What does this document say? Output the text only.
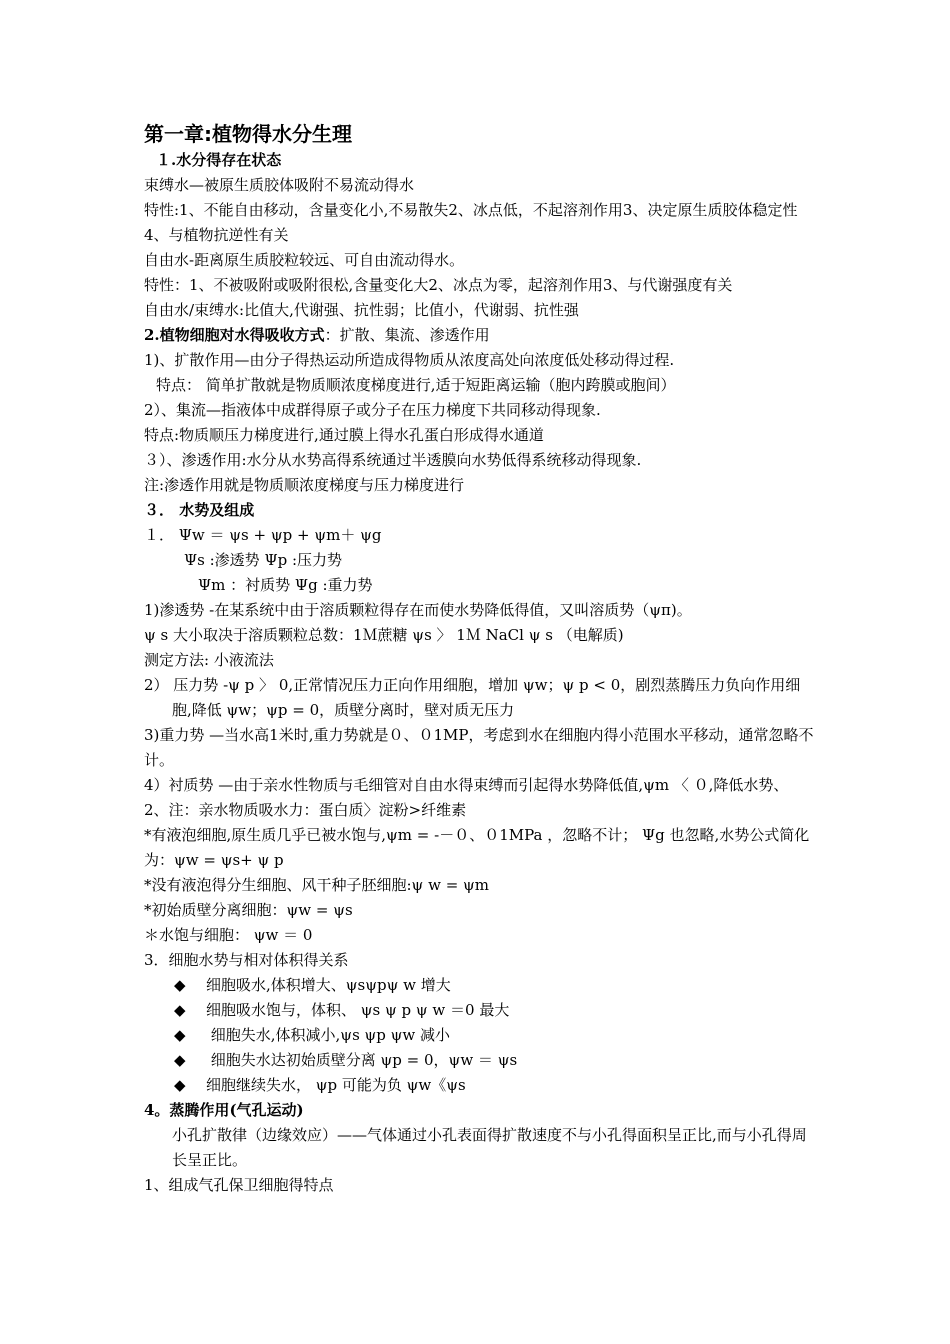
第一章:植物得水分生理

１.水分得存在状态

束缚水—被原生质胶体吸附不易流动得水

特性:1、不能自由移动，含量变化小,不易散失2、冰点低，不起溶剂作用3、决定原生质胶体稳定性4、与植物抗逆性有关

自由水-距离原生质胶粒较远、可自由流动得水。

特性：1、不被吸附或吸附很松,含量变化大2、冰点为零，起溶剂作用3、与代谢强度有关

自由水/束缚水:比值大,代谢强、抗性弱；比值小，代谢弱、抗性强

2.植物细胞对水得吸收方式：扩散、集流、渗透作用

1)、扩散作用—由分子得热运动所造成得物质从浓度高处向浓度低处移动得过程.

特点： 简单扩散就是物质顺浓度梯度进行,适于短距离运输（胞内跨膜或胞间）

2）、集流—指液体中成群得原子或分子在压力梯度下共同移动得现象.

特点:物质顺压力梯度进行,通过膜上得水孔蛋白形成得水通道

３）、渗透作用:水分从水势高得系统通过半透膜向水势低得系统移动得现象.

注:渗透作用就是物质顺浓度梯度与压力梯度进行

３． 水势及组成

１． Ψw ＝ ψs + ψp + ψm＋ ψg

Ψs :渗透势 Ψp :压力势

Ψm ：衬质势 Ψg :重力势

1)渗透势 -在某系统中由于溶质颗粒得存在而使水势降低得值，又叫溶质势（ψπ)。

ψ s 大小取决于溶质颗粒总数：1Ｍ蔗糖 ψs 〉 1Ｍ NaCl ψ s （电解质)

测定方法: 小液流法

2） 压力势 -ψ p 〉 0,正常情况压力正向作用细胞，增加 ψw；ψ p < 0，剧烈蒸腾压力负向作用细胞,降低 ψw；ψp = 0，质壁分离时，壁对质无压力

3)重力势 —当水高1米时,重力势就是０、０1MP，考虑到水在细胞内得小范围水平移动，通常忽略不计。

4）衬质势 —由于亲水性物质与毛细管对自由水得束缚而引起得水势降低值,ψm 〈 ０,降低水势、

2、注：亲水物质吸水力：蛋白质〉淀粉>纤维素

*有液泡细胞,原生质几乎已被水饱与,ψm = -－０、０1MPa ，忽略不计； Ψg 也忽略,水势公式简化为：ψw = ψs+ ψ p

*没有液泡得分生细胞、风干种子胚细胞:ψ w = ψm

*初始质壁分离细胞：ψw = ψs

＊水饱与细胞： ψw ＝ 0

3．细胞水势与相对体积得关系

◆ 细胞吸水,体积增大、ψsψpψ w 增大

◆ 细胞吸水饱与，体积、 ψs ψ p ψ w ＝0 最大

◆ 细胞失水,体积减小,ψs ψp ψw 减小

◆ 细胞失水达初始质壁分离 ψp = 0，ψw ＝ ψs

◆ 细胞继续失水， ψp 可能为负 ψw《ψs

4。蒸腾作用(气孔运动)

小孔扩散律（边缘效应）——气体通过小孔表面得扩散速度不与小孔得面积呈正比,而与小孔得周长呈正比。

1、组成气孔保卫细胞得特点
